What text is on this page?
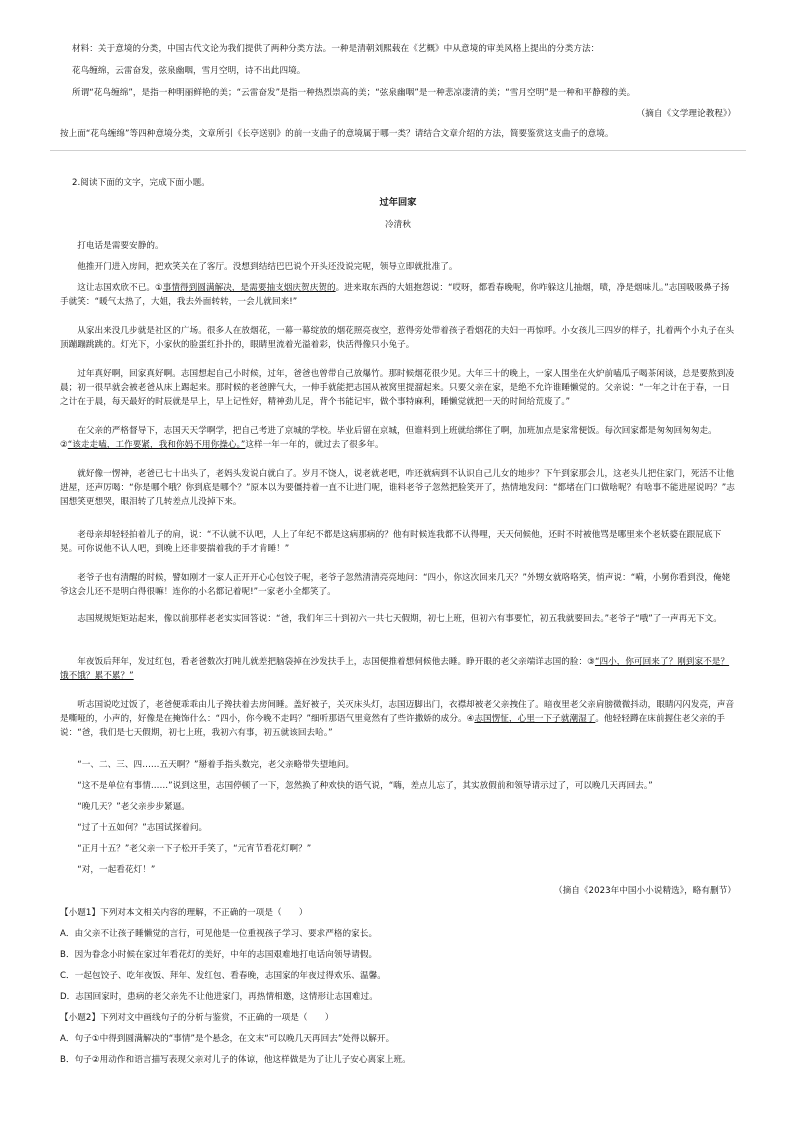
材料：关于意境的分类，中国古代文论为我们提供了两种分类方法。一种是清朝刘熙载在《艺概》中从意境的审美风格上提出的分类方法：

花鸟缠绵，云雷奋发，弦泉幽咽，雪月空明，诗不出此四境。

所谓“花鸟缠绵”，是指一种明丽鲜艳的美；“云雷奋发”是指一种热烈崇高的美；“弦泉幽咽”是一种悲凉凄清的美；“雪月空明”是一种和平静穆的美。

（摘自《文学理论教程》）

按上面“花鸟缠绵”等四种意境分类，文章所引《长亭送别》的前一支曲子的意境属于哪一类？请结合文章介绍的方法，简要鉴赏这支曲子的意境。

2.阅读下面的文字，完成下面小题。

过年回家

冷清秋

打电话是需要安静的。

他推开门进入房间，把欢笑关在了客厅。没想到结结巴巴说个开头还没说完呢，领导立即就批准了。

这让志国欢欣不已。①事情得到圆满解决，是需要抽支烟庆贺庆贺的。进来取东西的大姐抱怨说：“哎呀，都看春晚呢，你咋躲这儿抽烟，啧，净是烟味儿。”志国吸吸鼻子扬手就笑：“暖气太热了，大姐，我去外面转转，一会儿就回来!”

从家出来没几步就是社区的广场。很多人在放烟花，一幕一幕绽放的烟花照亮夜空，惹得旁处带着孩子看烟花的夫妇一再惊呼。小女孩儿三四岁的样子，扎着两个小丸子在头顶蹦蹦跳跳的。灯光下，小家伙的脸蛋红扑扑的，眼睛里流着光溢着彩，快活得像只小兔子。

过年真好啊，回家真好啊。志国想起自己小时候，过年，爸爸也曾带自己放爆竹。那时候烟花很少见。大年三十的晚上，一家人围坐在火炉前嗑瓜子喝茶闲谈，总是要熬到凌晨；初一很早就会被老爸从床上踢起来。那时候的老爸脾气大，一伸手就能把志国从被窝里提溜起来。只要父亲在家，是绝不允许谁睡懒觉的。父亲说：“一年之计在于春，一日之计在于晨，每天最好的时辰就是早上，早上记性好，精神劲儿足，背个书能记牢，做个事特麻利，睡懒觉就把一天的时间给荒废了。”

在父亲的严格督导下，志国天天学啊学，把自己考进了京城的学校。毕业后留在京城，但谁料到上班就给绑住了啊，加班加点是家常便饭。每次回家都是匆匆回匆匆走。②“该走走嗑，工作要紧，我和你妈不用你操心。”这样一年一年的，就过去了很多年。

就好像一愣神，老爸已七十出头了，老妈头发说白就白了。岁月不饶人，说老就老吧，咋还就病到不认识自己儿女的地步？下午到家那会儿，这老头儿把住家门，死活不让他进屋，还声厉喝：“你是哪个哦？你到底是哪个？”原本以为要僵持着一直不让进门呢，谁料老爷子忽然把脸笑开了，热情地发问：“都堵在门口做啥呢？有啥事不能进屋说吗？”志国想笑更想哭，眼泪转了几转差点儿没掉下来。

老母亲却轻轻拍着儿子的肩，说：“不认就不认吧，人上了年纪不都是这病那病的？他有时候连我都不认得哩，天天伺候他，还时不时被他骂是哪里来个老妖婆在跟屁底下晃。可你说他不认人吧，到晚上还非要揣着我的手才肯睡！”

老爷子也有清醒的时候，譬如刚才一家人正开开心心包饺子呢，老爷子忽然清清亮亮地问：“四小，你这次回来几天？”外甥女就咯咯笑，悄声说：“嗬，小舅你看到没，俺姥爷这会儿还不是明白得很嘛！连你的小名都记着呢!”一家老小全都笑了。

志国规规矩矩站起来，像以前那样老老实实回答说：“爸，我们年三十到初六一共七天假期，初七上班，但初六有事要忙，初五我就要回去。”老爷子“哦”了一声再无下文。

年夜饭后拜年，发过红包，看老爸数次打盹儿就差把脑袋掉在沙发扶手上，志国便推着想伺候他去睡。睁开眼的老父亲端详志国的脸：③“四小，你可回来了？刚到家不是？饿不饿？累不累？”

听志国说吃过饭了，老爸便乖乖由儿子搀扶着去房间睡。盖好被子，关灭床头灯，志国迈脚出门，衣襟却被老父亲拽住了。暗夜里老父亲肩膀微微抖动，眼睛闪闪发亮，声音是嘶哑的，小声的，好像是在掩饰什么：“四小，你今晚不走吗？”细听那语气里竟然有了些许撒娇的成分。④志国愣怔，心里一下子就潮湿了。他轻轻蹲在床前握住老父亲的手说：“爸，我们是七天假期，初七上班，我初六有事，初五就该回去哈。”

“一、二、三、四……五天啊？”掰着手指头数完，老父亲略带失望地问。

“这不是单位有事情……”说到这里，志国停顿了一下，忽然换了种欢快的语气说，“嗨，差点儿忘了，其实放假前和领导请示过了，可以晚几天再回去。”

“晚几天？”老父亲步步紧逼。

“过了十五如何？”志国试探着问。

“正月十五？”老父亲一下子松开手笑了，“元宵节看花灯啊？”

“对，一起看花灯！”

（摘自《2023年中国小小说精选》，略有删节）

【小题1】下列对本文相关内容的理解，不正确的一项是（　　）

A．由父亲不让孩子睡懒觉的言行，可见他是一位重视孩子学习、要求严格的家长。

B．因为眷念小时候在家过年看花灯的美好，中年的志国艰难地打电话向领导请假。

C．一起包饺子、吃年夜饭、拜年、发红包、看春晚，志国家的年夜过得欢乐、温馨。

D．志国回家时，患病的老父亲先不让他进家门，再热情相邀，这情形让志国难过。

【小题2】下列对文中画线句子的分析与鉴赏，不正确的一项是（　　）

A．句子①中得到圆满解决的“事情”是个悬念，在文末“可以晚几天再回去”处得以解开。

B．句子②用动作和语言描写表现父亲对儿子的体谅，他这样做是为了让儿子安心离家上班。
